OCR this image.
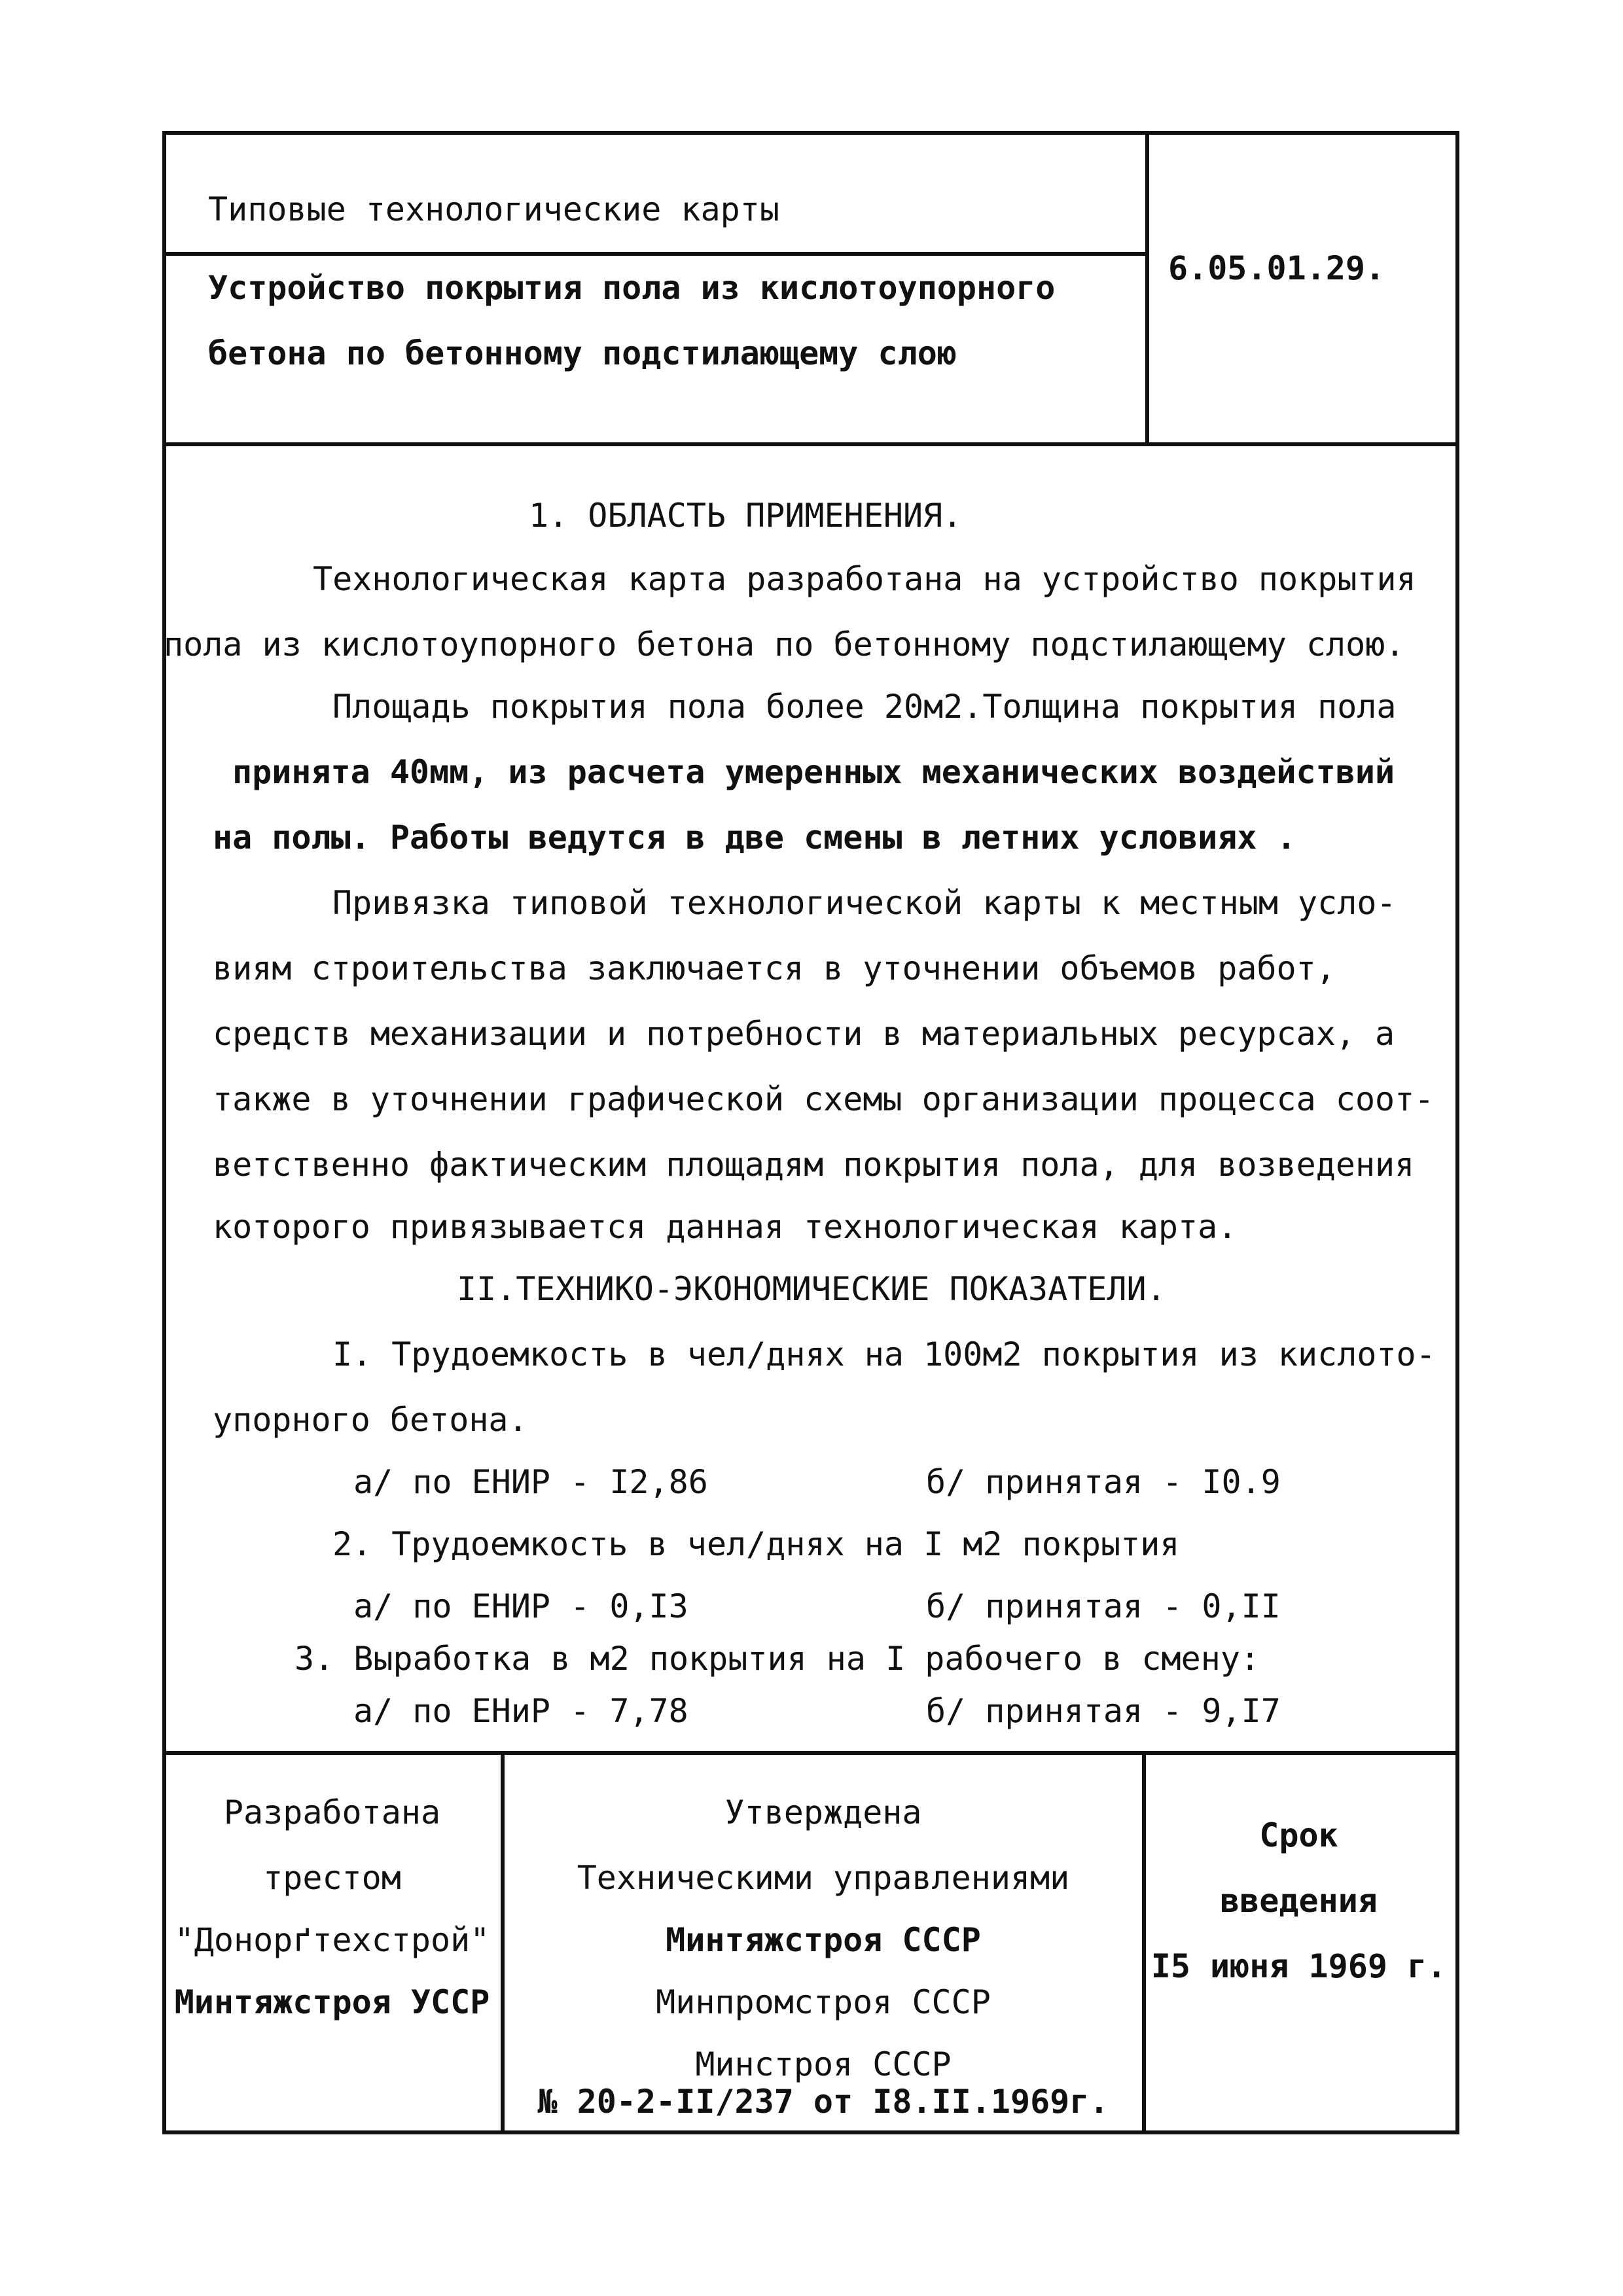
Типовые технологические карты
Устройство покрытия пола из кислотоупорного
бетона по бетонному подстилающему слою
6.05.01.29.
1. ОБЛАСТЬ ПРИМЕНЕНИЯ.
Технологическая карта разработана на устройство покрытия
пола из кислотоупорного бетона по бетонному подстилающему слою.
Площадь покрытия пола более 20м2.Толщина покрытия пола
принята 40мм, из расчета умеренных механических воздействий
на полы. Работы ведутся в две смены в летних условиях .
Привязка типовой технологической карты к местным усло-
виям строительства заключается в уточнении объемов работ,
средств механизации и потребности в материальных ресурсах, а
также в уточнении графической схемы организации процесса соот-
ветственно фактическим площадям покрытия пола, для возведения
которого привязывается данная технологическая карта.
II.ТЕХНИКО-ЭКОНОМИЧЕСКИЕ ПОКАЗАТЕЛИ.
I. Трудоемкость в чел/днях на 100м2 покрытия из кислото-
упорного бетона.
а/ по ЕНИР - I2,86	б/ принятая - I0.9
2. Трудоемкость в чел/днях на I м2 покрытия
а/ по ЕНИР - 0,I3	б/ принятая - 0,II
3. Выработка в м2 покрытия на I рабочего в смену:
а/ по ЕНиР - 7,78	б/ принятая - 9,I7
Разработана
трестом
"Донорґтехстрой"
Минтяжстроя УССР
Утверждена
Техническими управлениями
Минтяжстроя СССР
Минпромстроя СССР
Минстроя СССР
№ 20-2-II/237 от I8.II.1969г.
Срок
введения
I5 июня 1969 г.
